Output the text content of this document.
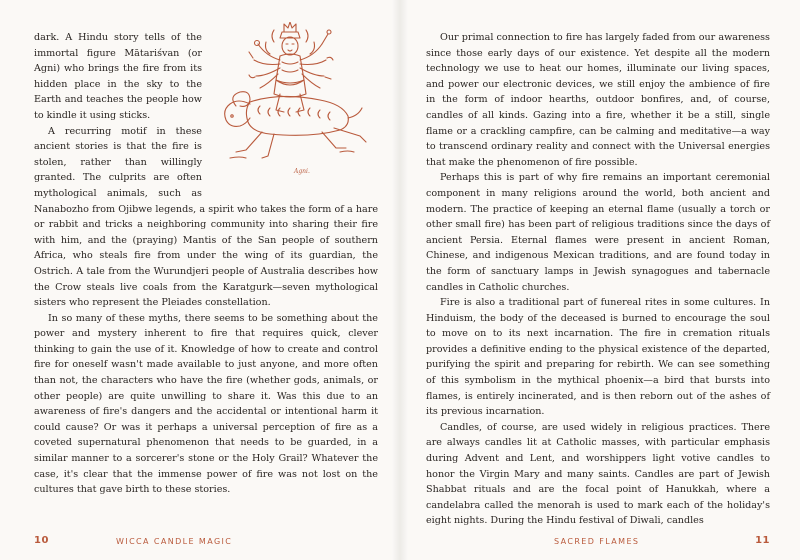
Agni.

dark. A Hindu story tells of the immortal figure Mātariśvan (or Agni) who brings the fire from its hidden place in the sky to the Earth and teaches the people how to kindle it using sticks.

A recurring motif in these ancient stories is that the fire is stolen, rather than willingly granted. The culprits are often mythological animals, such as Nanabozho from Ojibwe legends, a spirit who takes the form of a hare or rabbit and tricks a neighboring community into sharing their fire with him, and the (praying) Mantis of the San people of southern Africa, who steals fire from under the wing of its guardian, the Ostrich. A tale from the Wurundjeri people of Australia describes how the Crow steals live coals from the Karatgurk—seven mythological sisters who represent the Pleiades constellation.

In so many of these myths, there seems to be something about the power and mystery inherent to fire that requires quick, clever thinking to gain the use of it. Knowledge of how to create and control fire for oneself wasn't made available to just anyone, and more often than not, the characters who have the fire (whether gods, animals, or other people) are quite unwilling to share it. Was this due to an awareness of fire's dangers and the accidental or intentional harm it could cause? Or was it perhaps a universal perception of fire as a coveted supernatural phenomenon that needs to be guarded, in a similar manner to a sorcerer's stone or the Holy Grail? Whatever the case, it's clear that the immense power of fire was not lost on the cultures that gave birth to these stories.

10	WICCA CANDLE MAGIC

Our primal connection to fire has largely faded from our awareness since those early days of our existence. Yet despite all the modern technology we use to heat our homes, illuminate our living spaces, and power our electronic devices, we still enjoy the ambience of fire in the form of indoor hearths, outdoor bonfires, and, of course, candles of all kinds. Gazing into a fire, whether it be a still, single flame or a crackling campfire, can be calming and meditative—a way to transcend ordinary reality and connect with the Universal energies that make the phenomenon of fire possible.

Perhaps this is part of why fire remains an important ceremonial component in many religions around the world, both ancient and modern. The practice of keeping an eternal flame (usually a torch or other small fire) has been part of religious traditions since the days of ancient Persia. Eternal flames were present in ancient Roman, Chinese, and indigenous Mexican traditions, and are found today in the form of sanctuary lamps in Jewish synagogues and tabernacle candles in Catholic churches.

Fire is also a traditional part of funereal rites in some cultures. In Hinduism, the body of the deceased is burned to encourage the soul to move on to its next incarnation. The fire in cremation rituals provides a definitive ending to the physical existence of the departed, purifying the spirit and preparing for rebirth. We can see something of this symbolism in the mythical phoenix—a bird that bursts into flames, is entirely incinerated, and is then reborn out of the ashes of its previous incarnation.

Candles, of course, are used widely in religious practices. There are always candles lit at Catholic masses, with particular emphasis during Advent and Lent, and worshippers light votive candles to honor the Virgin Mary and many saints. Candles are part of Jewish Shabbat rituals and are the focal point of Hanukkah, where a candelabra called the menorah is used to mark each of the holiday's eight nights. During the Hindu festival of Diwali, candles

SACRED FLAMES	11
